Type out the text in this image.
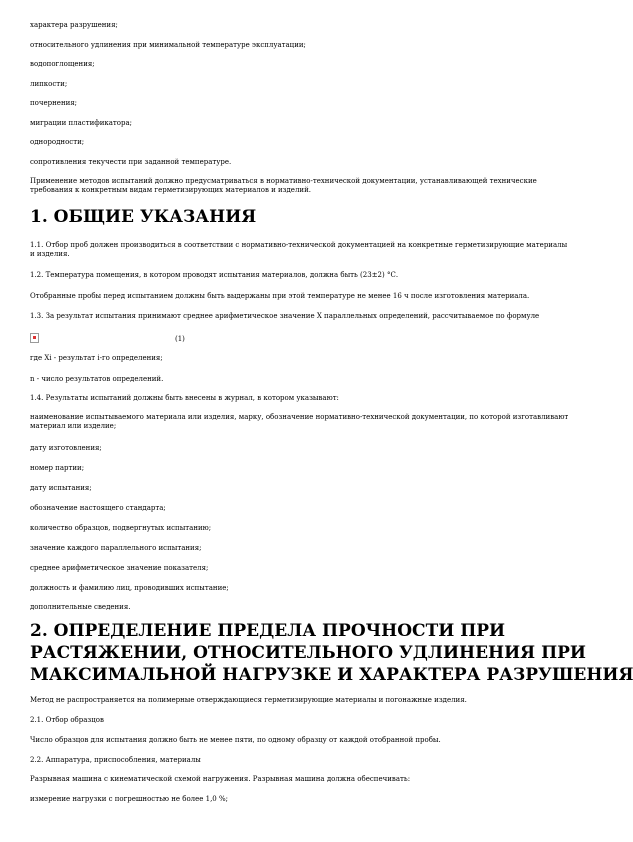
характера разрушения;
относительного удлинения при минимальной температуре эксплуатации;
водопоглощения;
липкости;
почернения;
миграции пластификатора;
однородности;
сопротивления текучести при заданной температуре.
Применение методов испытаний должно предусматриваться в нормативно-технической документации, устанавливающей технические требования к конкретным видам герметизирующих материалов и изделий.
1. ОБЩИЕ УКАЗАНИЯ
1.1. Отбор проб должен производиться в соответствии с нормативно-технической документацией на конкретные герметизирующие материалы и изделия.
1.2. Температура помещения, в котором проводят испытания материалов, должна быть (23±2) °С.
Отобранные пробы перед испытанием должны быть выдержаны при этой температуре не менее 16 ч после изготовления материала.
1.3. За результат испытания принимают среднее арифметическое значение X параллельных определений, рассчитываемое по формуле
(1)
где Xi - результат i-го определения;
n - число результатов определений.
1.4. Результаты испытаний должны быть внесены в журнал, в котором указывают:
наименование испытываемого материала или изделия, марку, обозначение нормативно-технической документации, по которой изготавливают материал или изделие;
дату изготовления;
номер партии;
дату испытания;
обозначение настоящего стандарта;
количество образцов, подвергнутых испытанию;
значение каждого параллельного испытания;
среднее арифметическое значение показателя;
должность и фамилию лиц, проводивших испытание;
дополнительные сведения.
2. ОПРЕДЕЛЕНИЕ ПРЕДЕЛА ПРОЧНОСТИ ПРИ
РАСТЯЖЕНИИ, ОТНОСИТЕЛЬНОГО УДЛИНЕНИЯ ПРИ
МАКСИМАЛЬНОЙ НАГРУЗКЕ И ХАРАКТЕРА РАЗРУШЕНИЯ
Метод не распространяется на полимерные отверждающиеся герметизирующие материалы и погонажные изделия.
2.1. Отбор образцов
Число образцов для испытания должно быть не менее пяти, по одному образцу от каждой отобранной пробы.
2.2. Аппаратура, приспособления, материалы
Разрывная машина с кинематической схемой нагружения. Разрывная машина должна обеспечивать:
измерение нагрузки с погрешностью не более 1,0 %;
